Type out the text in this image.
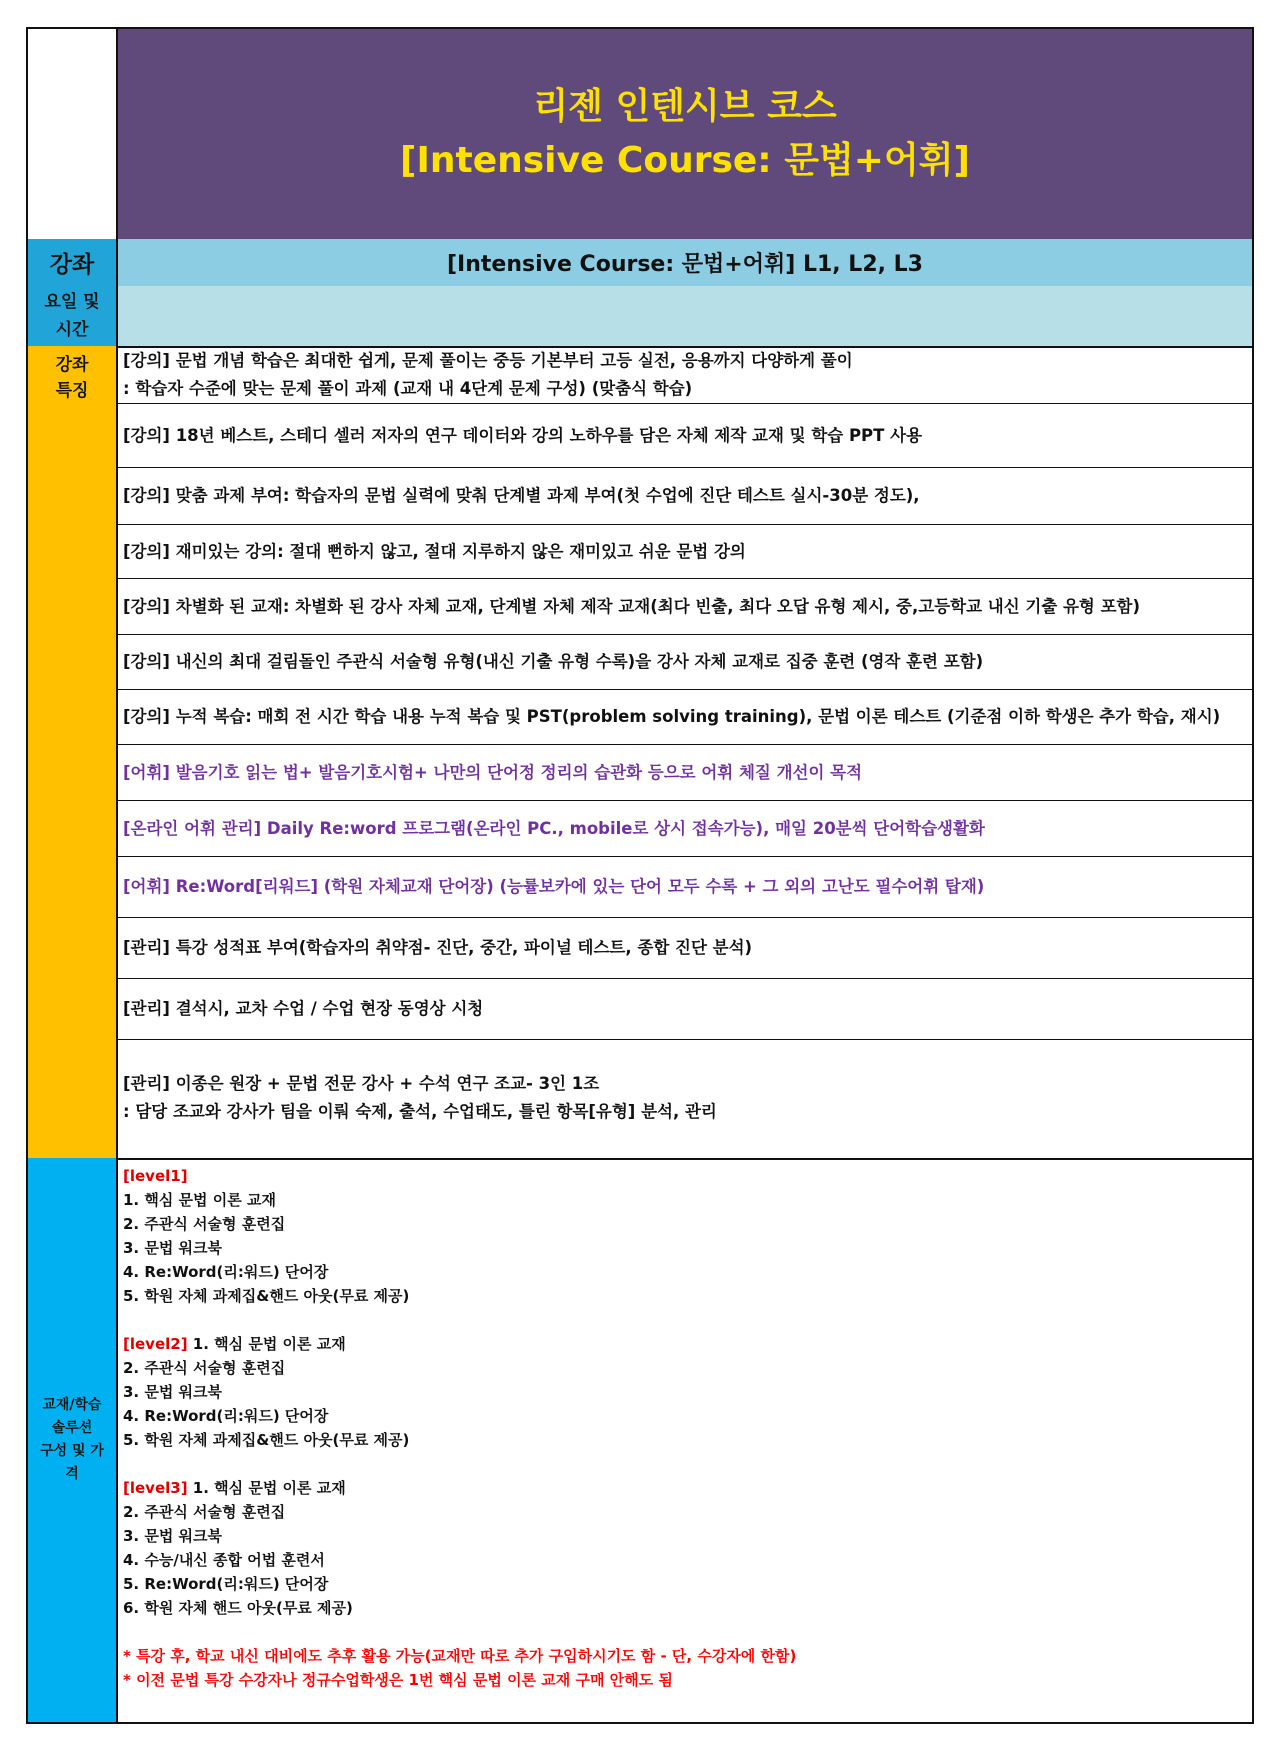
리젠 인텐시브 코스
[Intensive Course: 문법+어휘]
강좌	[Intensive Course: 문법+어휘] L1, L2, L3
요일 및
시간
강좌
특징
[강의] 문법 개념 학습은 최대한 쉽게, 문제 풀이는 중등 기본부터 고등 실전, 응용까지 다양하게 풀이
: 학습자 수준에 맞는 문제 풀이 과제 (교재 내 4단계 문제 구성) (맞춤식 학습)
[강의] 18년 베스트, 스테디 셀러 저자의 연구 데이터와 강의 노하우를 담은 자체 제작 교재 및 학습 PPT 사용
[강의] 맞춤 과제 부여: 학습자의 문법 실력에 맞춰 단계별 과제 부여(첫 수업에 진단 테스트 실시-30분 정도),
[강의] 재미있는 강의: 절대 뻔하지 않고, 절대 지루하지 않은 재미있고 쉬운 문법 강의
[강의] 차별화 된 교재: 차별화 된 강사 자체 교재, 단계별 자체 제작 교재(최다 빈출, 최다 오답 유형 제시, 중,고등학교 내신 기출 유형 포함)
[강의] 내신의 최대 걸림돌인 주관식 서술형 유형(내신 기출 유형 수록)을 강사 자체 교재로 집중 훈련 (영작 훈련 포함)
[강의] 누적 복습: 매회 전 시간 학습 내용 누적 복습 및 PST(problem solving training), 문법 이론 테스트 (기준점 이하 학생은 추가 학습, 재시)
[어휘] 발음기호 읽는 법+ 발음기호시험+ 나만의 단어정 정리의 습관화 등으로 어휘 체질 개선이 목적
[온라인 어휘 관리] Daily Re:word 프로그램(온라인 PC., mobile로 상시 접속가능), 매일 20분씩 단어학습생활화
[어휘] Re:Word[리워드] (학원 자체교재 단어장) (능률보카에 있는 단어 모두 수록 + 그 외의 고난도 필수어휘 탑재)
[관리] 특강 성적표 부여(학습자의 취약점- 진단, 중간, 파이널 테스트, 종합 진단 분석)
[관리] 결석시, 교차 수업 / 수업 현장 동영상 시청
[관리] 이종은 원장 + 문법 전문 강사 + 수석 연구 조교- 3인 1조
: 담당 조교와 강사가 팀을 이뤄 숙제, 출석, 수업태도, 틀린 항목[유형] 분석, 관리
교재/학습
솔루션
구성 및 가
격
[level1]
1. 핵심 문법 이론 교재
2. 주관식 서술형 훈련집
3. 문법 워크북
4. Re:Word(리:워드) 단어장
5. 학원 자체 과제집&핸드 아웃(무료 제공)
[level2] 1. 핵심 문법 이론 교재
2. 주관식 서술형 훈련집
3. 문법 워크북
4. Re:Word(리:워드) 단어장
5. 학원 자체 과제집&핸드 아웃(무료 제공)
[level3] 1. 핵심 문법 이론 교재
2. 주관식 서술형 훈련집
3. 문법 워크북
4. 수능/내신 종합 어법 훈련서
5. Re:Word(리:워드) 단어장
6. 학원 자체 핸드 아웃(무료 제공)
* 특강 후, 학교 내신 대비에도 추후 활용 가능(교재만 따로 추가 구입하시기도 함 - 단, 수강자에 한함)
* 이전 문법 특강 수강자나 정규수업학생은 1번 핵심 문법 이론 교재 구매 안해도 됨
